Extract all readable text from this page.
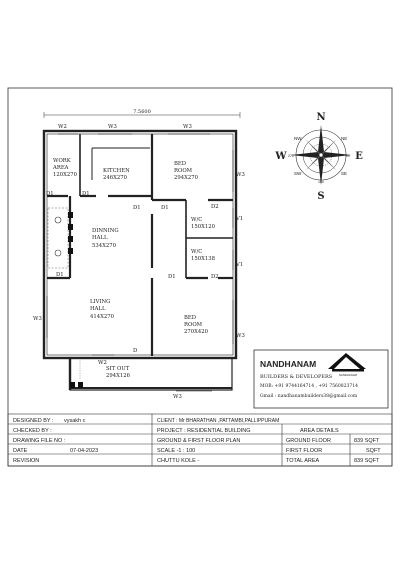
7.5600
WORK
AREA
120X270
KITCHEN
246X270
BED
ROOM
294X270
DINNING
HALL
534X270
W/C
150X120
W/C
150X138
LIVING
HALL
414X270	BED
ROOM
270X420
SIT OUT
294X126
W2	W3	W3
W3
V1
V1
W3
W3
D1	D1
D1	D1	D2
D1	D1	D2
D
W2
W3
N
S
E
W
NE
NW
SE
SW
90
270
180
NANDHANAM
NANDHANAM
BUILDERS & DEVELOPERS
MOB: +91 9744164714 , +91 7560823714
Gmail : nandhanambuilders38@gmail.com
DESIGNED BY : vysakh c
CHECKED BY :
DRAWING FILE NO :
DATE	07-04-2023
REVISION
CLIENT : Mr BHARATHAN ,PATTAMBI,PALLIPPURAM
PROJECT : RESIDENTIAL BUILDING
GROUND & FIRST FLOOR PLAN
SCALE -1 : 100
CHUTTU KOLE -
AREA DETAILS
GROUND FLOOR	839 SQFT
FIRST FLOOR	SQFT
TOTAL AREA	839 SQFT
